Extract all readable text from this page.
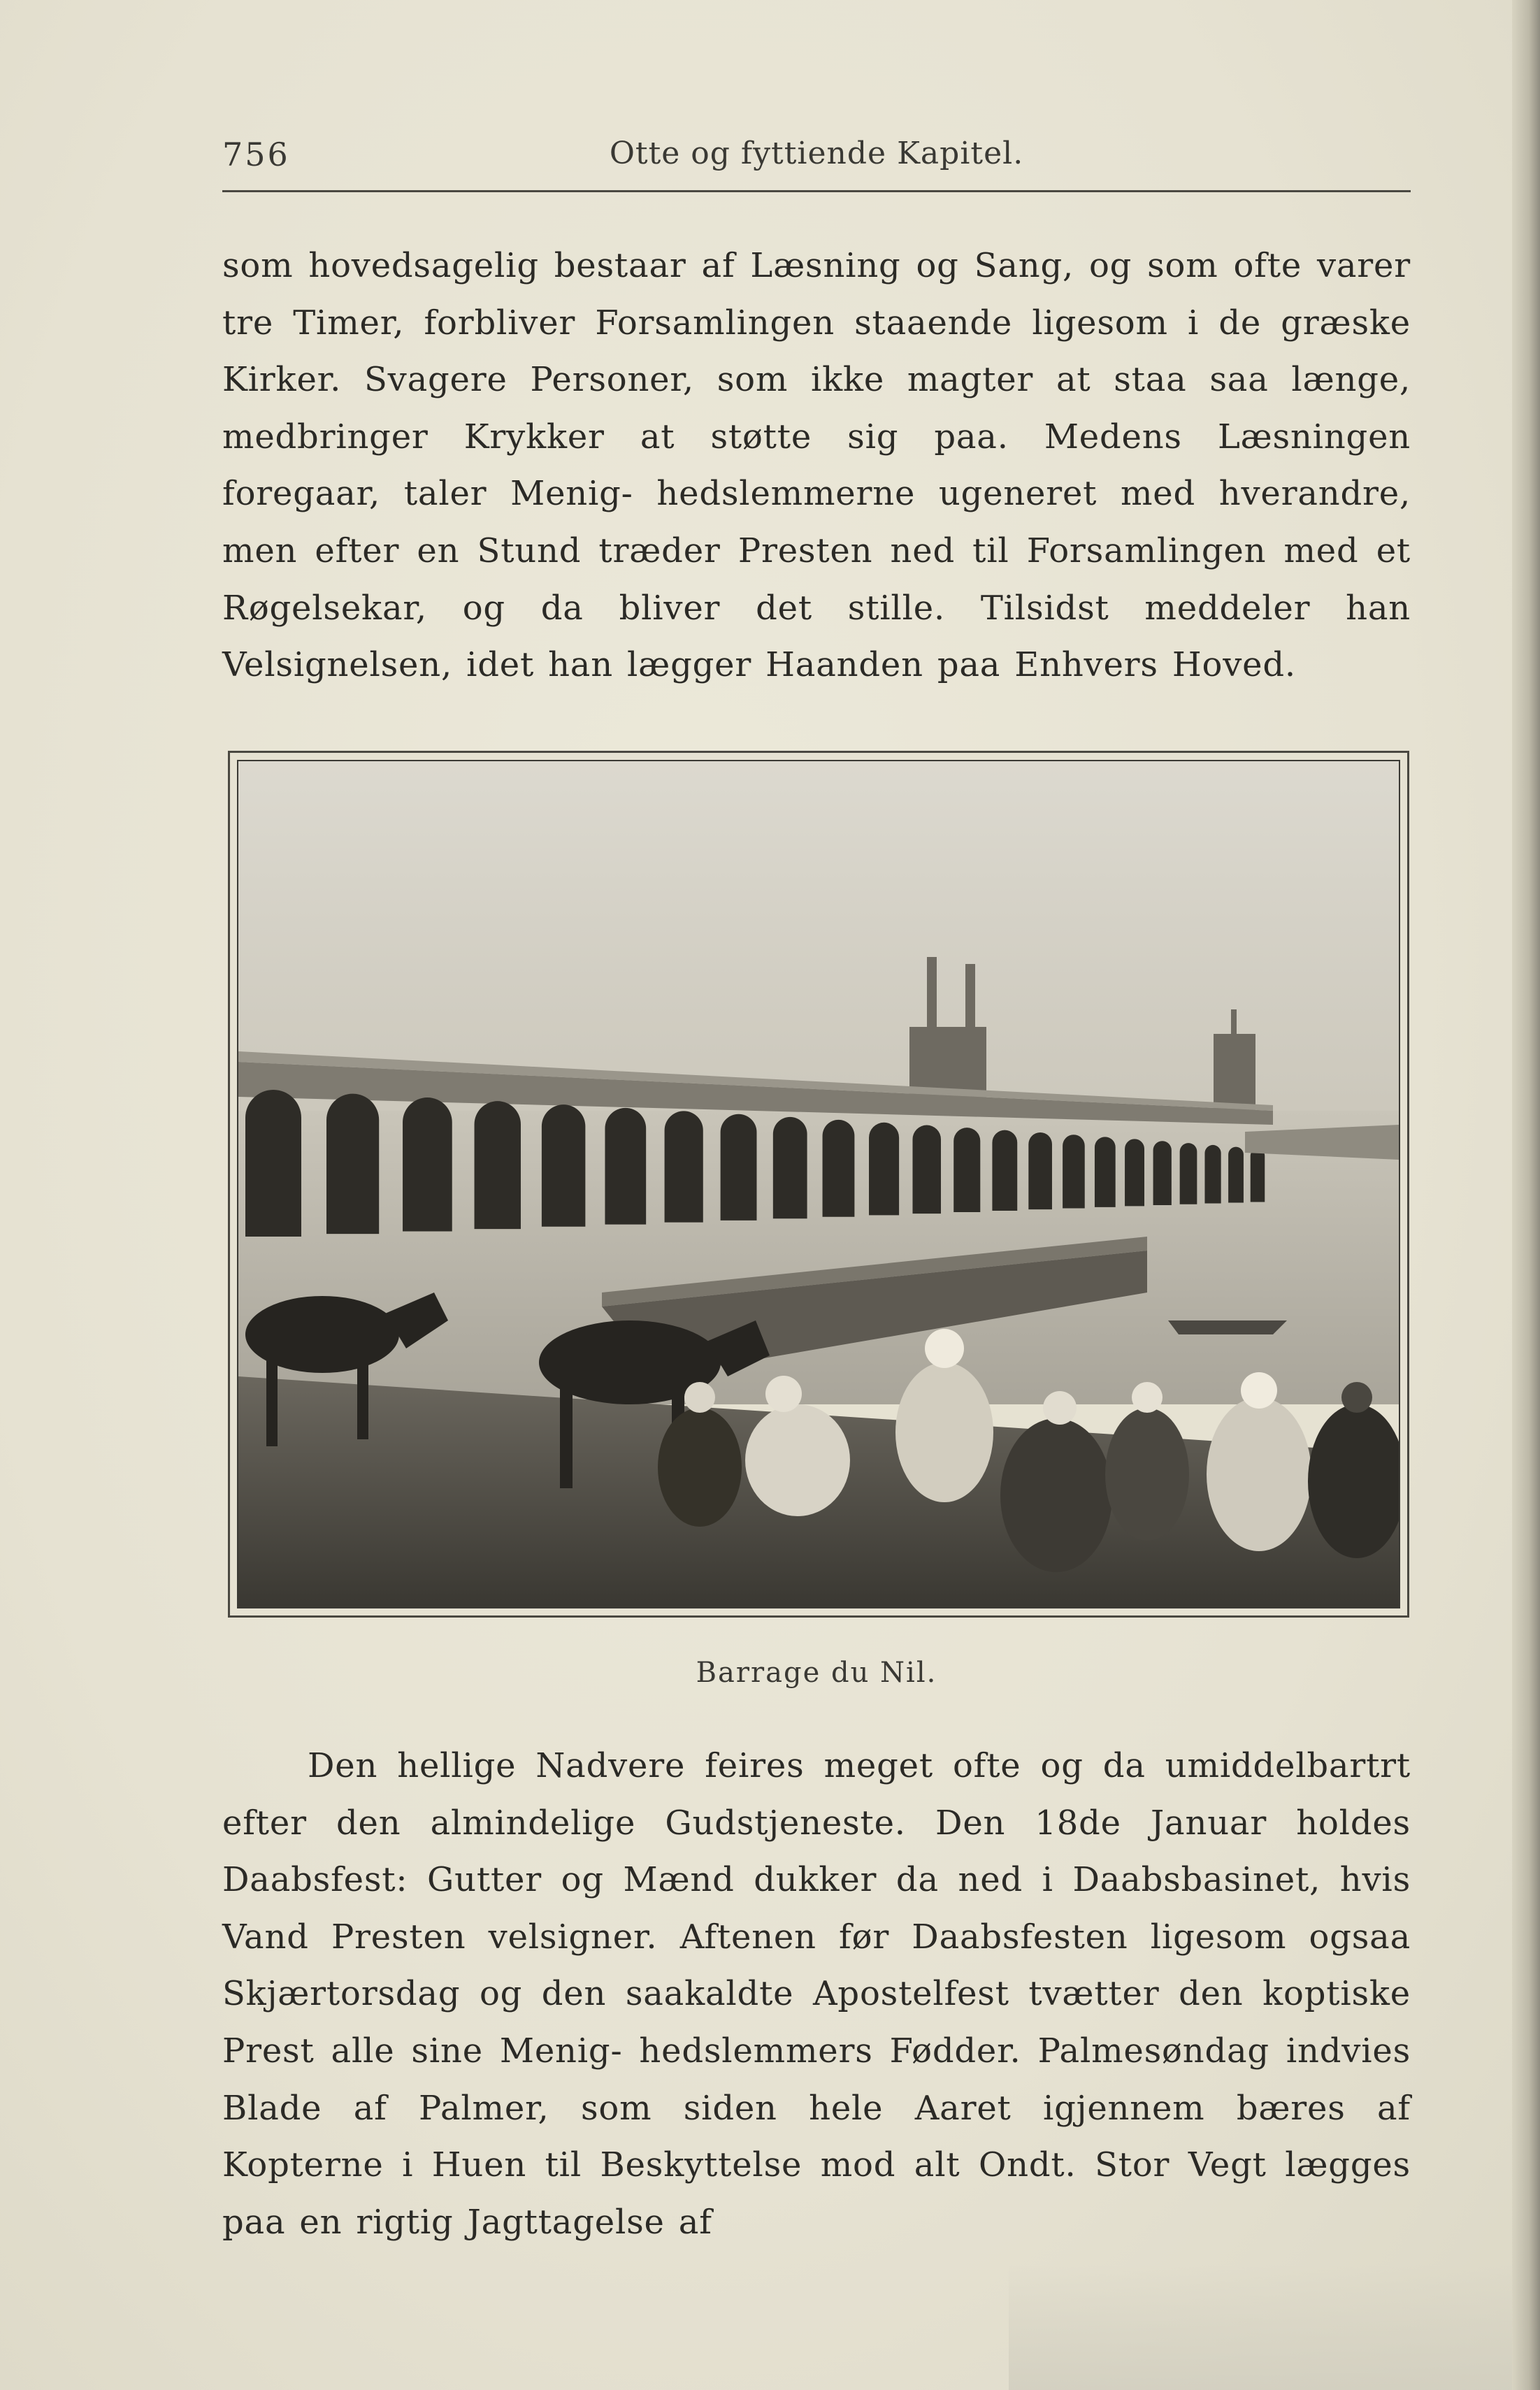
756	Otte og fyttiende Kapitel.

som hovedsagelig bestaar af Læsning og Sang, og som ofte varer tre Timer, forbliver Forsamlingen staaende ligesom i de græske Kirker. Svagere Personer, som ikke magter at staa saa længe, medbringer Krykker at støtte sig paa. Medens Læsningen foregaar, taler Menig- hedslemmerne ugeneret med hverandre, men efter en Stund træder Presten ned til Forsamlingen med et Røgelsekar, og da bliver det stille. Tilsidst meddeler han Velsignelsen, idet han lægger Haanden paa Enhvers Hoved.

Barrage du Nil.

Den hellige Nadvere feires meget ofte og da umiddelbartrt efter den almindelige Gudstjeneste. Den 18de Januar holdes Daabsfest: Gutter og Mænd dukker da ned i Daabsbasinet, hvis Vand Presten velsigner. Aftenen før Daabsfesten ligesom ogsaa Skjærtorsdag og den saakaldte Apostelfest tvætter den koptiske Prest alle sine Menig- hedslemmers Fødder. Palmesøndag indvies Blade af Palmer, som siden hele Aaret igjennem bæres af Kopterne i Huen til Beskyttelse mod alt Ondt. Stor Vegt lægges paa en rigtig Jagttagelse af
